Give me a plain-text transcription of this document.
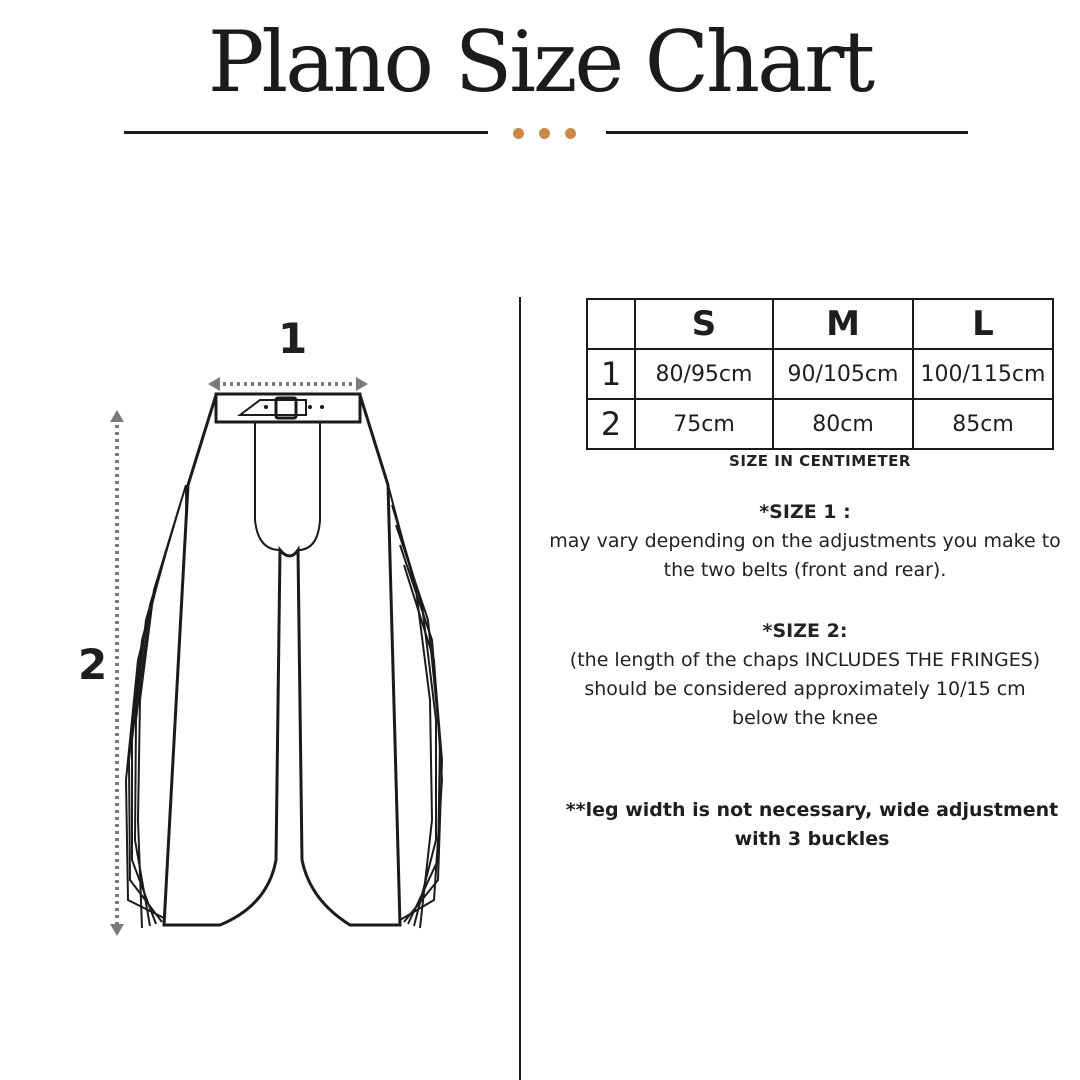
Plano Size Chart
1
2
	S	M	L
1	80/95cm	90/105cm	100/115cm
2	75cm	80cm	85cm
SIZE IN CENTIMETER
*SIZE 1 :
may vary depending on the adjustments you make to
the two belts (front and rear).
*SIZE 2:
(the length of the chaps INCLUDES THE FRINGES)
should be considered approximately 10/15 cm
below the knee
**leg width is not necessary, wide adjustment
with 3 buckles
